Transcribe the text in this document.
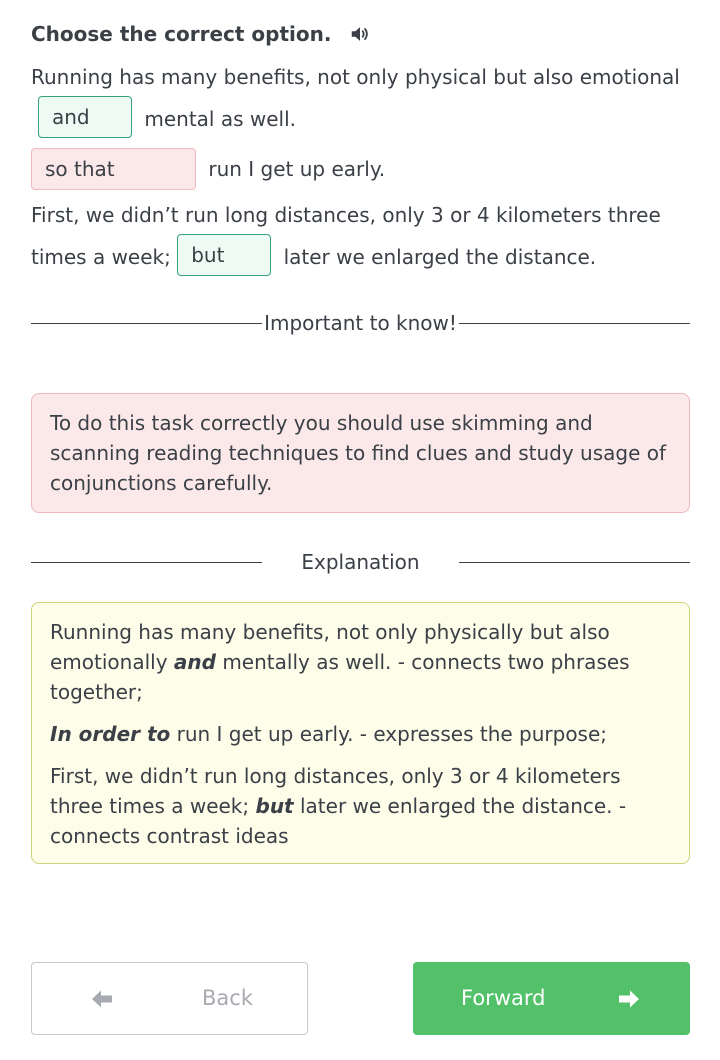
Choose the correct option.
Running has many benefits, not only physical but also emotional
and	mental as well.
so that	run I get up early.
First, we didn’t run long distances, only 3 or 4 kilometers three times a week; but	later we enlarged the distance.
Important to know!
To do this task correctly you should use skimming and scanning reading techniques to find clues and study usage of conjunctions carefully.
Explanation

Running has many benefits, not only physically but also emotionally and mentally as well. - connects two phrases together;

In order to run I get up early. - expresses the purpose;

First, we didn’t run long distances, only 3 or 4 kilometers three times a week; but later we enlarged the distance. - connects contrast ideas

Back	Forward
